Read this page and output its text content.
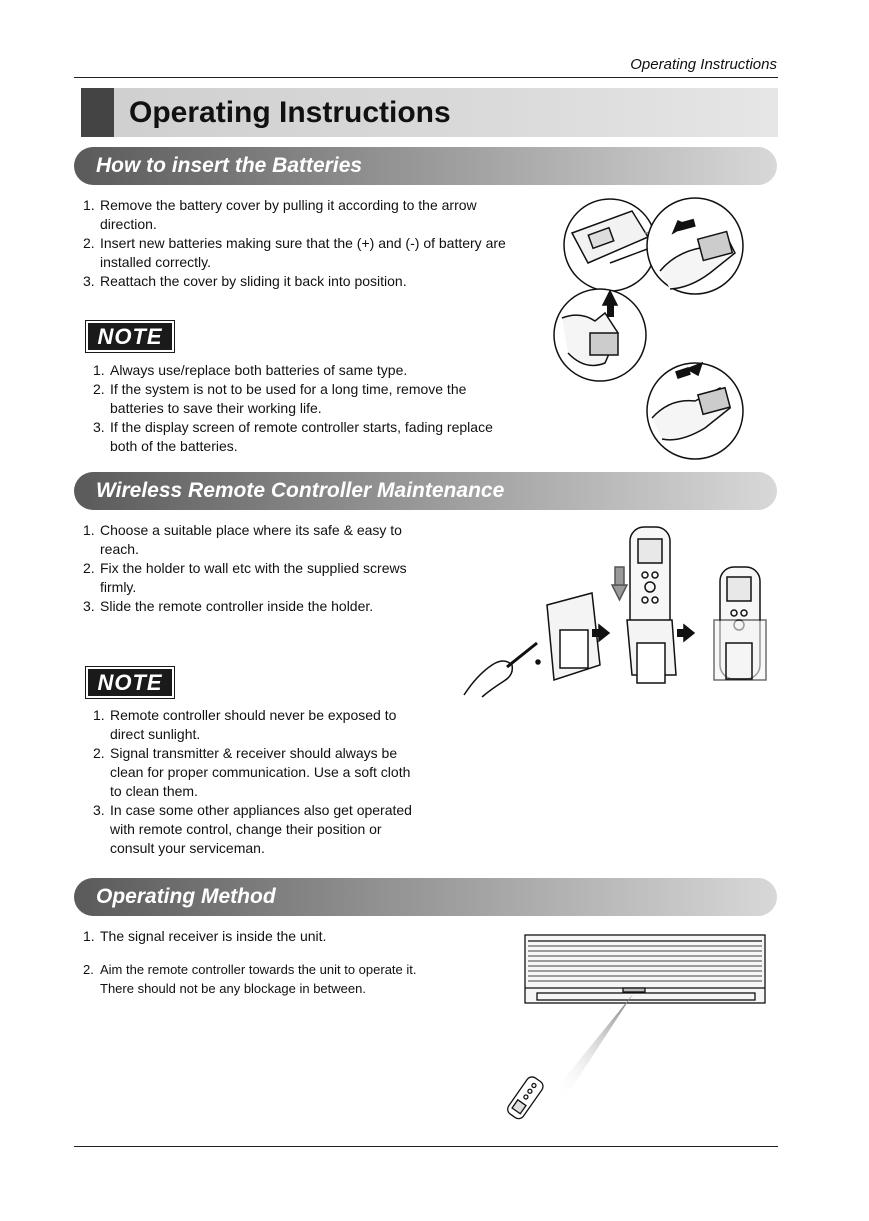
Operating Instructions
Operating Instructions
How to insert the Batteries
1. Remove the battery cover by pulling it according to the arrow direction.
2. Insert new batteries making sure that the (+) and (-) of battery are installed correctly.
3. Reattach the cover by sliding it back into position.
NOTE
1. Always use/replace both batteries of same type.
2. If the system is not to be used for a long time, remove the batteries to save their working life.
3. If the display screen of remote controller starts, fading replace both of the batteries.
Wireless Remote Controller Maintenance
1. Choose a suitable place where its safe & easy to reach.
2. Fix the holder to wall etc with the supplied screws firmly.
3. Slide the remote controller inside the holder.
NOTE
1. Remote controller should never be exposed to direct sunlight.
2. Signal transmitter & receiver should always be clean for proper communication. Use a soft cloth to clean them.
3. In case some other appliances also get operated with remote control, change their position or consult your serviceman.
Operating Method
1. The signal receiver is inside the unit.
2. Aim the remote controller towards the unit to operate it. There should not be any blockage in between.
